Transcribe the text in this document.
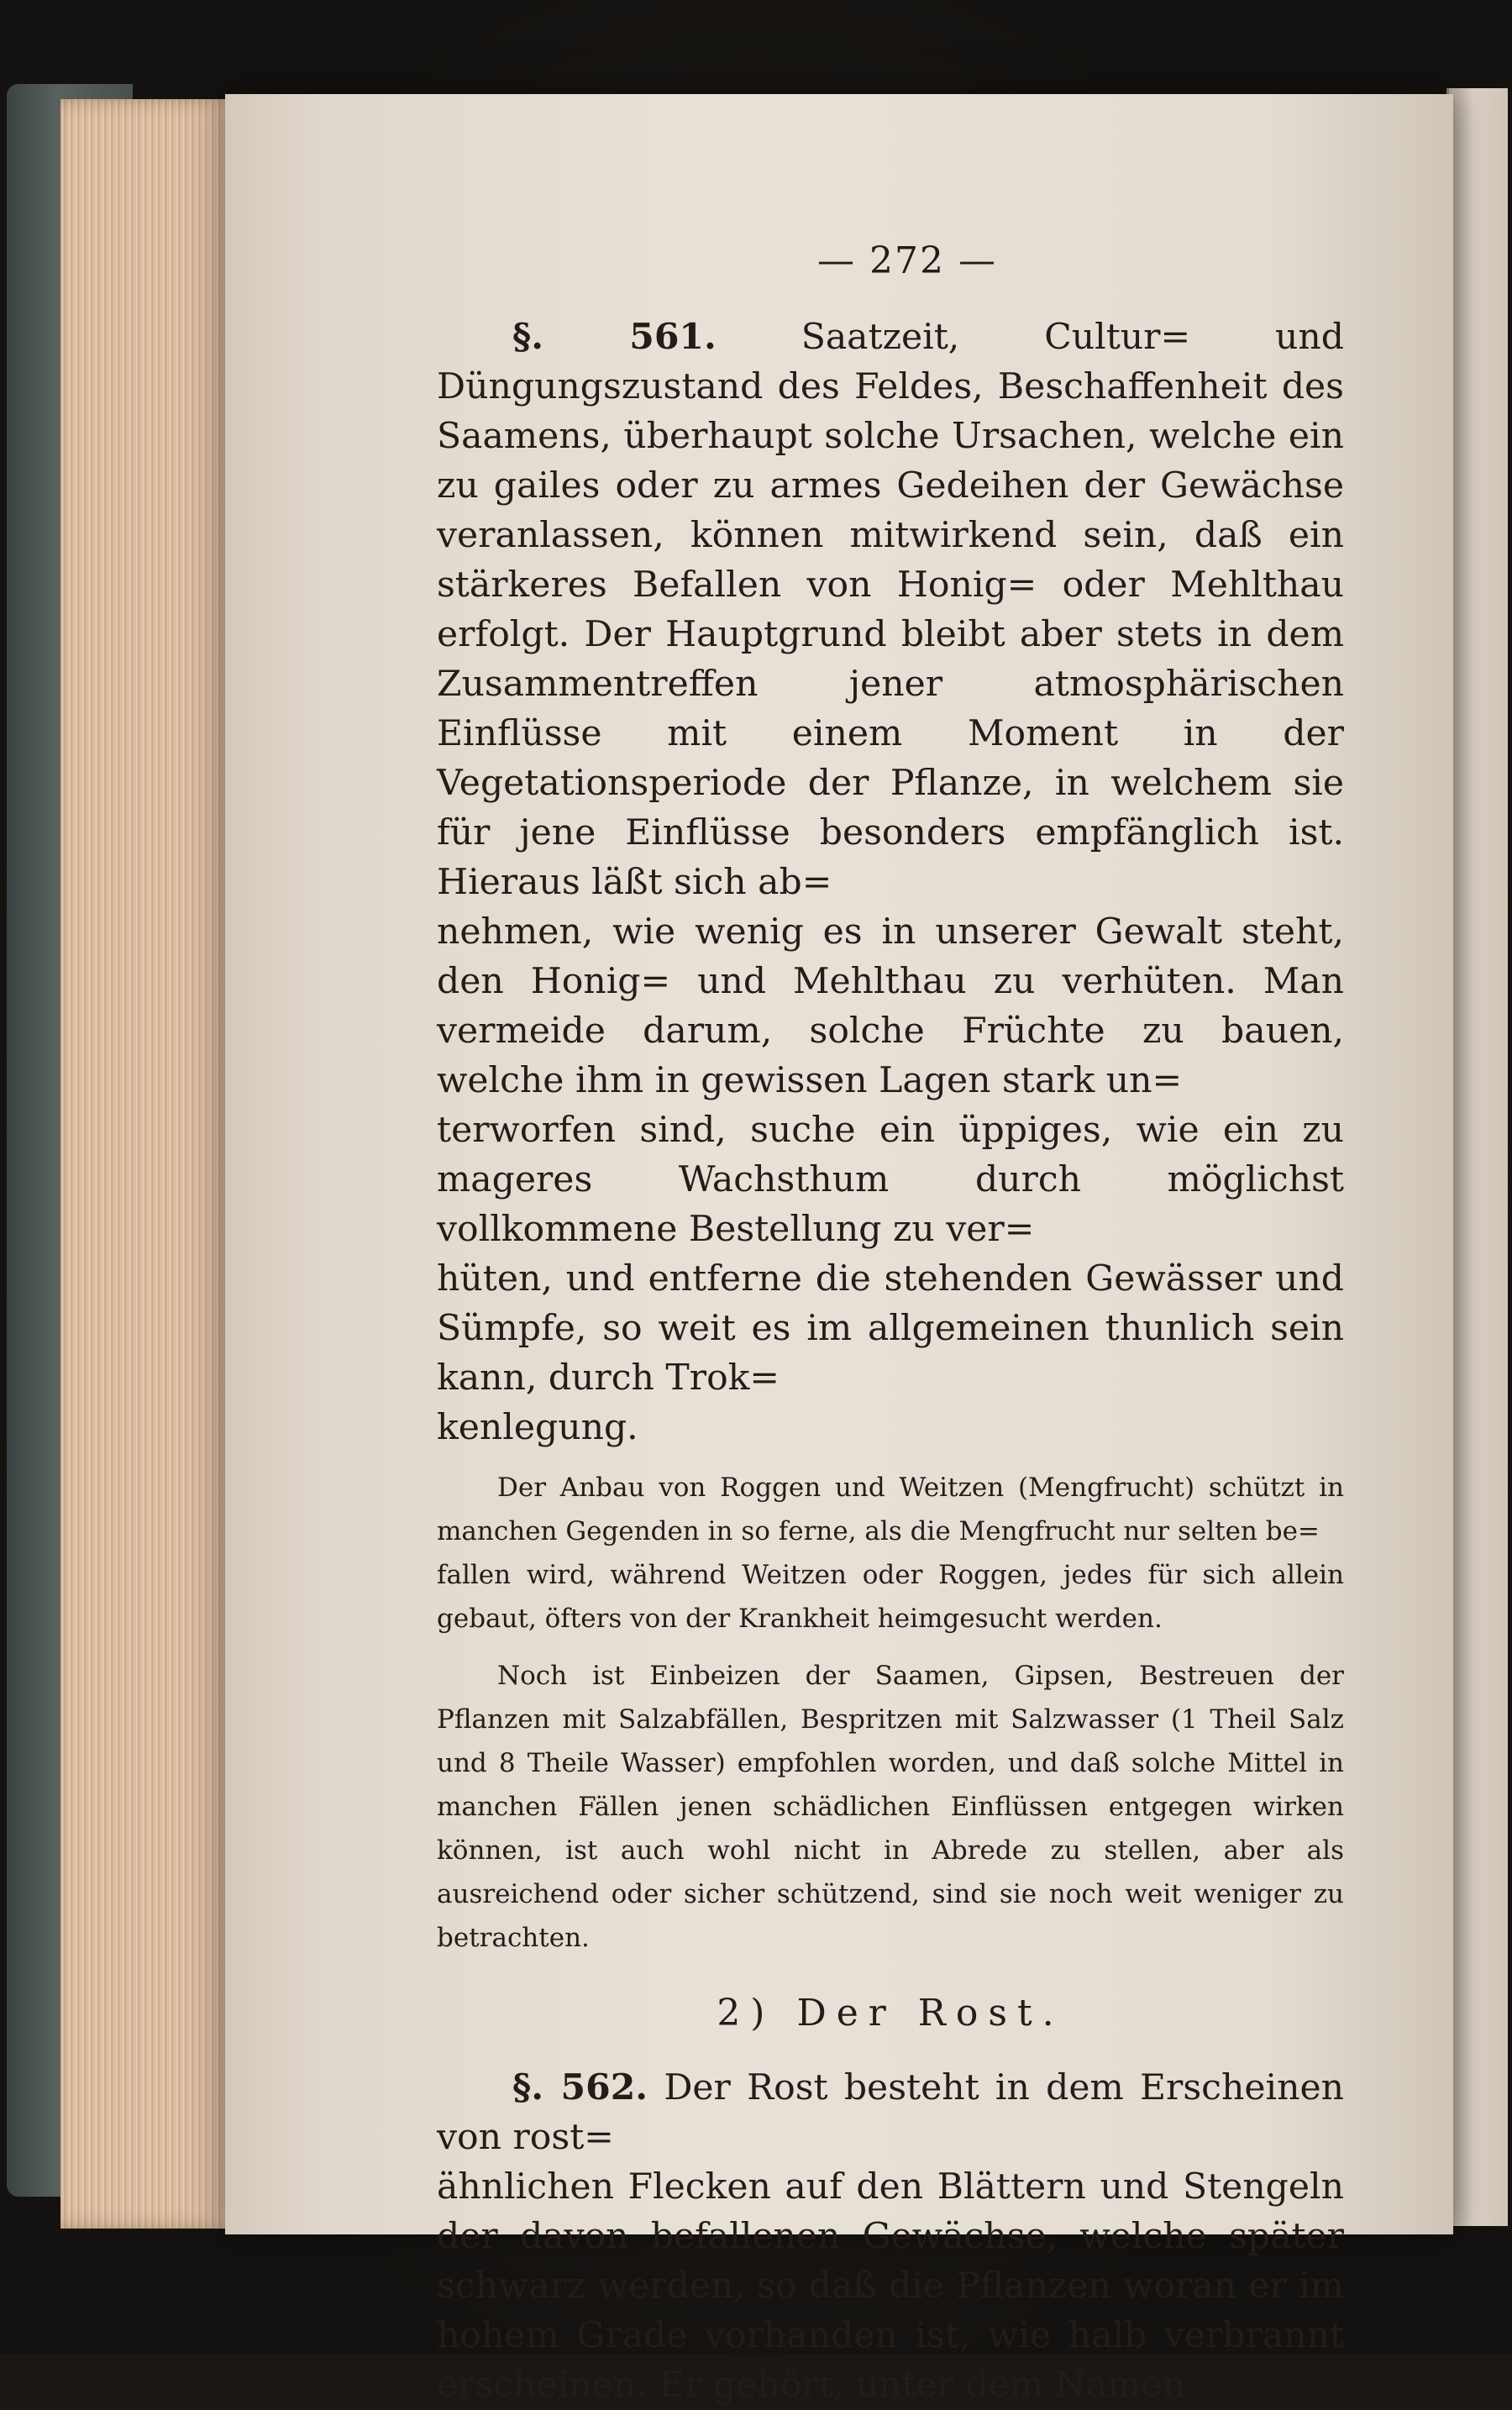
— 272 —

§. 561. Saatzeit, Cultur= und Düngungszustand des Feldes, Beschaffenheit des Saamens, überhaupt solche Ursachen, welche ein zu gailes oder zu armes Gedeihen der Gewächse veranlassen, können mitwirkend sein, daß ein stärkeres Befallen von Honig= oder Mehlthau erfolgt. Der Hauptgrund bleibt aber stets in dem Zusammentreffen jener atmosphärischen Einflüsse mit einem Moment in der Vegetationsperiode der Pflanze, in welchem sie für jene Einflüsse besonders empfänglich ist. Hieraus läßt sich ab=
nehmen, wie wenig es in unserer Gewalt steht, den Honig= und Mehlthau zu verhüten. Man vermeide darum, solche Früchte zu bauen, welche ihm in gewissen Lagen stark un=
terworfen sind, suche ein üppiges, wie ein zu mageres Wachsthum durch möglichst vollkommene Bestellung zu ver=
hüten, und entferne die stehenden Gewässer und Sümpfe, so weit es im allgemeinen thunlich sein kann, durch Trok=
kenlegung.

Der Anbau von Roggen und Weitzen (Mengfrucht) schützt in manchen Gegenden in so ferne, als die Mengfrucht nur selten be=
fallen wird, während Weitzen oder Roggen, jedes für sich allein gebaut, öfters von der Krankheit heimgesucht werden.

Noch ist Einbeizen der Saamen, Gipsen, Bestreuen der Pflanzen mit Salzabfällen, Bespritzen mit Salzwasser (1 Theil Salz und 8 Theile Wasser) empfohlen worden, und daß solche Mittel in manchen Fällen jenen schädlichen Einflüssen entgegen wirken können, ist auch wohl nicht in Abrede zu stellen, aber als ausreichend oder sicher schützend, sind sie noch weit weniger zu betrachten.

2) Der Rost.

§. 562. Der Rost besteht in dem Erscheinen von rost=
ähnlichen Flecken auf den Blättern und Stengeln der davon befallenen Gewächse, welche später schwarz werden, so daß die Pflanzen woran er im hohem Grade vorhanden ist, wie halb verbrannt erscheinen. Er gehört, unter dem Namen
